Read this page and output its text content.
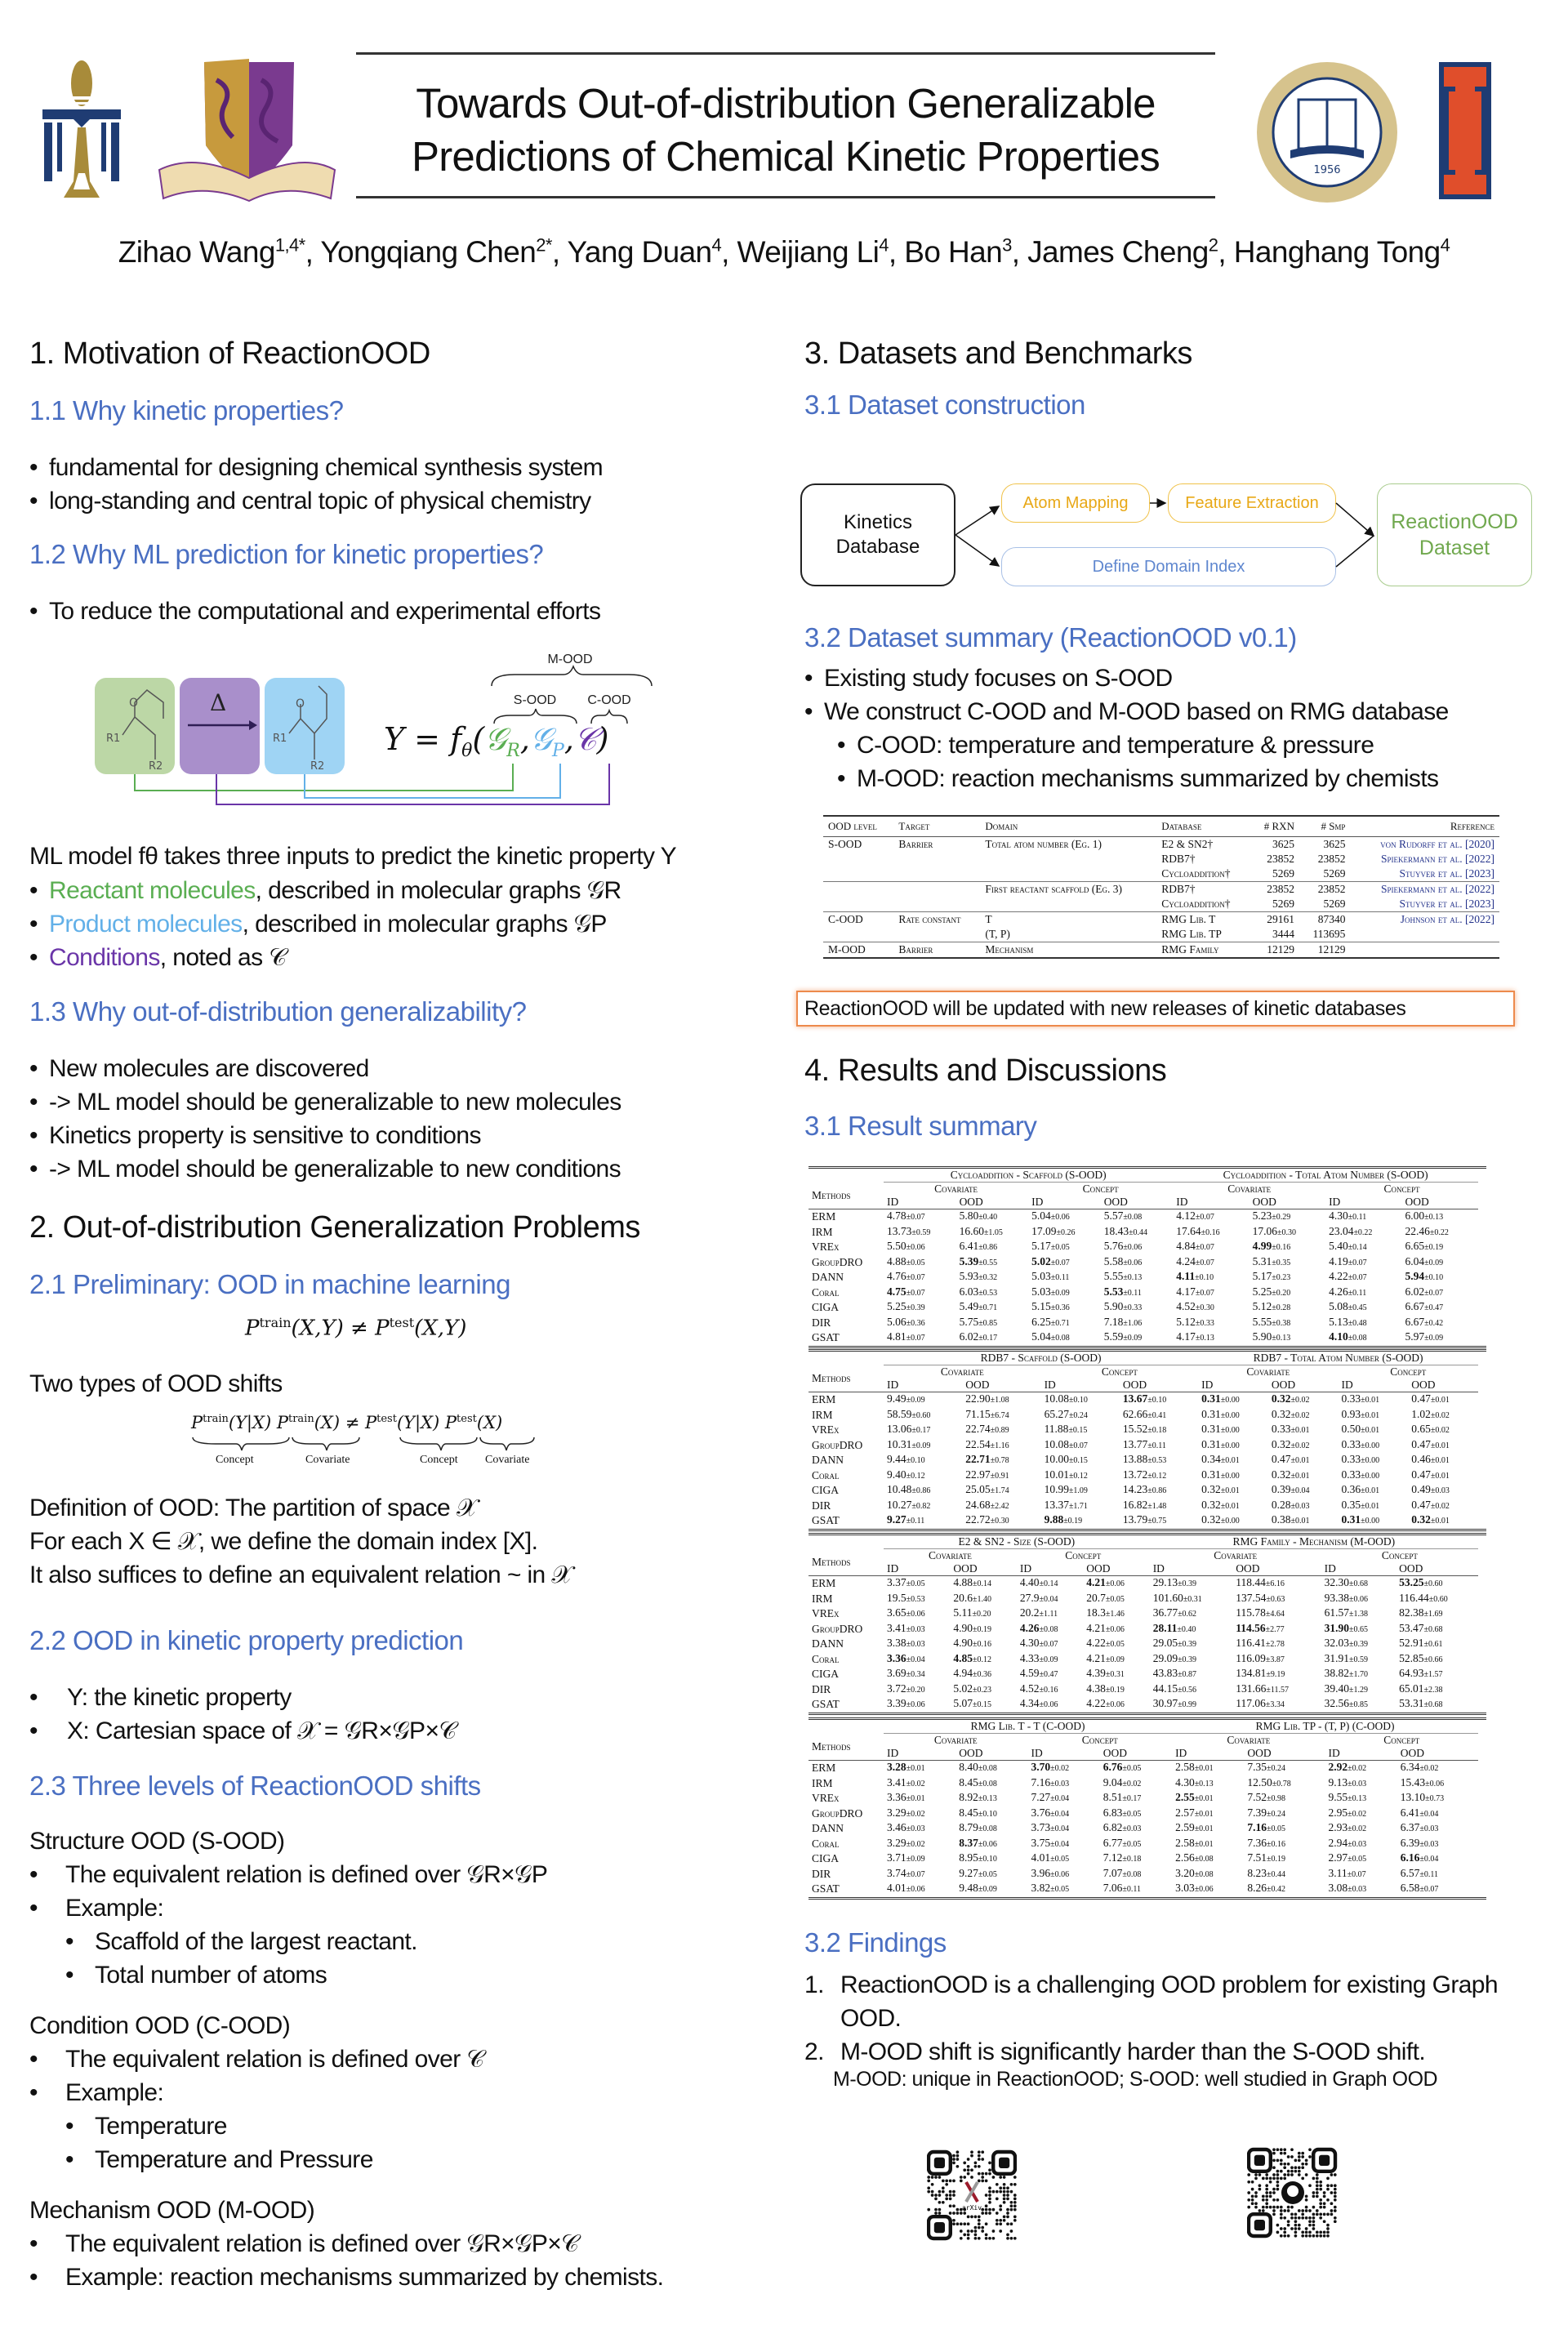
Towards Out-of-distribution Generalizable
Predictions of Chemical Kinetic Properties	1956
Zihao Wang$^{1,4*}$, Yongqiang Chen$^{2*}$, Yang Duan$^4$, Weijiang Li$^4$, Bo Han$^3$, James Cheng$^2$, Hanghang Tong$^4$
1. Motivation of ReactionOOD
1.1 Why kinetic properties?
• fundamental for designing chemical synthesis system
• long-standing and central topic of physical chemistry
1.2 Why ML prediction for kinetic properties?
• To reduce the computational and experimental efforts
O
R1
R2
Δ	O
R1
R2
M-OOD
S-OOD C-OOD
$Y = f_\theta(𝒢_R,𝒢_P,𝒞)$
ML model fθ takes three inputs to predict the kinetic property Y
• Reactant molecules, described in molecular graphs 𝒢R
• Product molecules, described in molecular graphs 𝒢P
• Conditions, noted as 𝒞
1.3 Why out-of-distribution generalizability?
• New molecules are discovered
• -> ML model should be generalizable to new molecules
• Kinetics property is sensitive to conditions
• -> ML model should be generalizable to new conditions
2. Out-of-distribution Generalization Problems
2.1 Preliminary: OOD in machine learning
$P^{train}(X,Y) \ne P^{test}(X,Y)$
Two types of OOD shifts
$P^{train}(Y|X) P^{train}(X) \ne P^{test}(Y|X)$ $P^{test}(X)$
Concept	Covariate	Concept Covariate
Definition of OOD: The partition of space 𝒳
For each X ∈ 𝒳, we define the domain index [X].
It also suffices to define an equivalent relation ~ in 𝒳
2.2 OOD in kinetic property prediction
• Y: the kinetic property
• X: Cartesian space of 𝒳 = 𝒢R×𝒢P×𝒞
2.3 Three levels of ReactionOOD shifts
Structure OOD (S-OOD)
• The equivalent relation is defined over 𝒢R×𝒢P
• Example:
• Scaffold of the largest reactant.
• Total number of atoms
Condition OOD (C-OOD)
• The equivalent relation is defined over 𝒞
• Example:
• Temperature
• Temperature and Pressure
Mechanism OOD (M-OOD)
• The equivalent relation is defined over 𝒢R×𝒢P×𝒞
• Example: reaction mechanisms summarized by chemists.
3. Datasets and Benchmarks
3.1 Dataset construction
Kinetics
Database
Atom Mapping	Feature Extraction
Define Domain Index
ReactionOOD
Dataset
3.2 Dataset summary (ReactionOOD v0.1)
• Existing study focuses on S-OOD
• We construct C-OOD and M-OOD based on RMG database
• C-OOD: temperature and temperature & pressure
• M-OOD: reaction mechanisms summarized by chemists
OOD level	Target	Domain	Database	# RXN	# Smp	Reference
S-OOD	Barrier	Total atom number (Eg. 1)	E2 & SN2†	3625	3625	von Rudorff et al. [2020]
			RDB7†	23852	23852	Spiekermann et al. [2022]
			Cycloaddition†	5269	5269	Stuyver et al. [2023]
		First reactant scaffold (Eg. 3)	RDB7†	23852	23852	Spiekermann et al. [2022]
			Cycloaddition†	5269	5269	Stuyver et al. [2023]
C-OOD	Rate constant	T	RMG Lib. T	29161	87340	Johnson et al. [2022]
		(T, P)	RMG Lib. TP	3444	113695	
M-OOD	Barrier	Mechanism	RMG Family	12129	12129	
ReactionOOD will be updated with new releases of kinetic databases
4. Results and Discussions
3.1 Result summary
	Cycloaddition - Scaffold (S-OOD)				Cycloaddition - Total Atom Number (S-OOD)			
Methods	Covariate		Concept		Covariate		Concept	
	ID	OOD	ID	OOD	ID	OOD	ID	OOD
ERM	4.78±0.07	5.80±0.40	5.04±0.06	5.57±0.08	4.12±0.07	5.23±0.29	4.30±0.11	6.00±0.13
IRM	13.73±0.59	16.60±1.05	17.09±0.26	18.43±0.44	17.64±0.16	17.06±0.30	23.04±0.22	22.46±0.22
VREx	5.50±0.06	6.41±0.86	5.17±0.05	5.76±0.06	4.84±0.07	4.99±0.16	5.40±0.14	6.65±0.19
GroupDRO	4.88±0.05	5.39±0.55	5.02±0.07	5.58±0.06	4.24±0.07	5.31±0.35	4.19±0.07	6.04±0.09
DANN	4.76±0.07	5.93±0.32	5.03±0.11	5.55±0.13	4.11±0.10	5.17±0.23	4.22±0.07	5.94±0.10
Coral	4.75±0.07	6.03±0.53	5.03±0.09	5.53±0.11	4.17±0.07	5.25±0.20	4.26±0.11	6.02±0.07
CIGA	5.25±0.39	5.49±0.71	5.15±0.36	5.90±0.33	4.52±0.30	5.12±0.28	5.08±0.45	6.67±0.47
DIR	5.06±0.36	5.75±0.85	6.25±0.71	7.18±1.06	5.12±0.33	5.55±0.38	5.13±0.48	6.67±0.42
GSAT	4.81±0.07	6.02±0.17	5.04±0.08	5.59±0.09	4.17±0.13	5.90±0.13	4.10±0.08	5.97±0.09
	RDB7 - Scaffold (S-OOD)				RDB7 - Total Atom Number (S-OOD)			
Methods	Covariate		Concept		Covariate		Concept	
	ID	OOD	ID	OOD	ID	OOD	ID	OOD
ERM	9.49±0.09	22.90±1.08	10.08±0.10	13.67±0.10	0.31±0.00	0.32±0.02	0.33±0.01	0.47±0.01
IRM	58.59±0.60	71.15±6.74	65.27±0.24	62.66±0.41	0.31±0.00	0.32±0.02	0.93±0.01	1.02±0.02
VREx	13.06±0.17	22.74±0.89	11.88±0.15	15.52±0.18	0.31±0.00	0.33±0.01	0.50±0.01	0.65±0.02
GroupDRO	10.31±0.09	22.54±1.16	10.08±0.07	13.77±0.11	0.31±0.00	0.32±0.02	0.33±0.00	0.47±0.01
DANN	9.44±0.10	22.71±0.78	10.00±0.15	13.88±0.53	0.34±0.01	0.47±0.01	0.33±0.00	0.46±0.01
Coral	9.40±0.12	22.97±0.91	10.01±0.12	13.72±0.12	0.31±0.00	0.32±0.01	0.33±0.00	0.47±0.01
CIGA	10.48±0.86	25.05±1.74	10.99±1.09	14.23±0.86	0.32±0.01	0.39±0.04	0.36±0.01	0.49±0.03
DIR	10.27±0.82	24.68±2.42	13.37±1.71	16.82±1.48	0.32±0.01	0.28±0.03	0.35±0.01	0.47±0.02
GSAT	9.27±0.11	22.72±0.30	9.88±0.19	13.79±0.75	0.32±0.00	0.38±0.01	0.31±0.00	0.32±0.01
	E2 & SN2 - Size (S-OOD)				RMG Family - Mechanism (M-OOD)			
Methods	Covariate		Concept		Covariate		Concept	
	ID	OOD	ID	OOD	ID	OOD	ID	OOD
ERM	3.37±0.05	4.88±0.14	4.40±0.14	4.21±0.06	29.13±0.39	118.44±6.16	32.30±0.68	53.25±0.60
IRM	19.5±0.53	20.6±1.40	27.9±0.04	20.7±0.05	101.60±0.31	137.54±0.63	93.38±0.06	116.44±0.60
VREx	3.65±0.06	5.11±0.20	20.2±1.11	18.3±1.46	36.77±0.62	115.78±4.64	61.57±1.38	82.38±1.69
GroupDRO	3.41±0.03	4.90±0.19	4.26±0.08	4.21±0.06	28.11±0.40	114.56±2.77	31.90±0.65	53.47±0.68
DANN	3.38±0.03	4.90±0.16	4.30±0.07	4.22±0.05	29.05±0.39	116.41±2.78	32.03±0.39	52.91±0.61
Coral	3.36±0.04	4.85±0.12	4.33±0.09	4.21±0.09	29.09±0.39	116.09±3.87	31.91±0.59	52.85±0.66
CIGA	3.69±0.34	4.94±0.36	4.59±0.47	4.39±0.31	43.83±0.87	134.81±9.19	38.82±1.70	64.93±1.57
DIR	3.72±0.20	5.02±0.23	4.52±0.16	4.38±0.19	44.15±0.56	131.66±11.57	39.40±1.29	65.01±2.38
GSAT	3.39±0.06	5.07±0.15	4.34±0.06	4.22±0.06	30.97±0.99	117.06±3.34	32.56±0.85	53.31±0.68
	RMG Lib. T - T (C-OOD)				RMG Lib. TP - (T, P) (C-OOD)			
Methods	Covariate		Concept		Covariate		Concept	
	ID	OOD	ID	OOD	ID	OOD	ID	OOD
ERM	3.28±0.01	8.40±0.08	3.70±0.02	6.76±0.05	2.58±0.01	7.35±0.24	2.92±0.02	6.34±0.02
IRM	3.41±0.02	8.45±0.08	7.16±0.03	9.04±0.02	4.30±0.13	12.50±0.78	9.13±0.03	15.43±0.06
VREx	3.36±0.01	8.92±0.13	7.27±0.04	8.51±0.17	2.55±0.01	7.52±0.98	9.55±0.13	13.10±0.73
GroupDRO	3.29±0.02	8.45±0.10	3.76±0.04	6.83±0.05	2.57±0.01	7.39±0.24	2.95±0.02	6.41±0.04
DANN	3.46±0.03	8.79±0.08	3.73±0.04	6.82±0.03	2.59±0.01	7.16±0.05	2.93±0.02	6.37±0.03
Coral	3.29±0.02	8.37±0.06	3.75±0.04	6.77±0.05	2.58±0.01	7.36±0.16	2.94±0.03	6.39±0.03
CIGA	3.71±0.09	8.95±0.10	4.01±0.05	7.12±0.18	2.56±0.08	7.51±0.19	2.97±0.05	6.16±0.04
DIR	3.74±0.07	9.27±0.05	3.96±0.06	7.07±0.08	3.20±0.08	8.23±0.44	3.11±0.07	6.57±0.11
GSAT	4.01±0.06	9.48±0.09	3.82±0.05	7.06±0.11	3.03±0.06	8.26±0.42	3.08±0.03	6.58±0.07
3.2 Findings
1. ReactionOOD is a challenging OOD problem for existing Graph OOD.
2. M-OOD shift is significantly harder than the S-OOD shift.
M-OOD: unique in ReactionOOD; S-OOD: well studied in Graph OOD
arXiv
